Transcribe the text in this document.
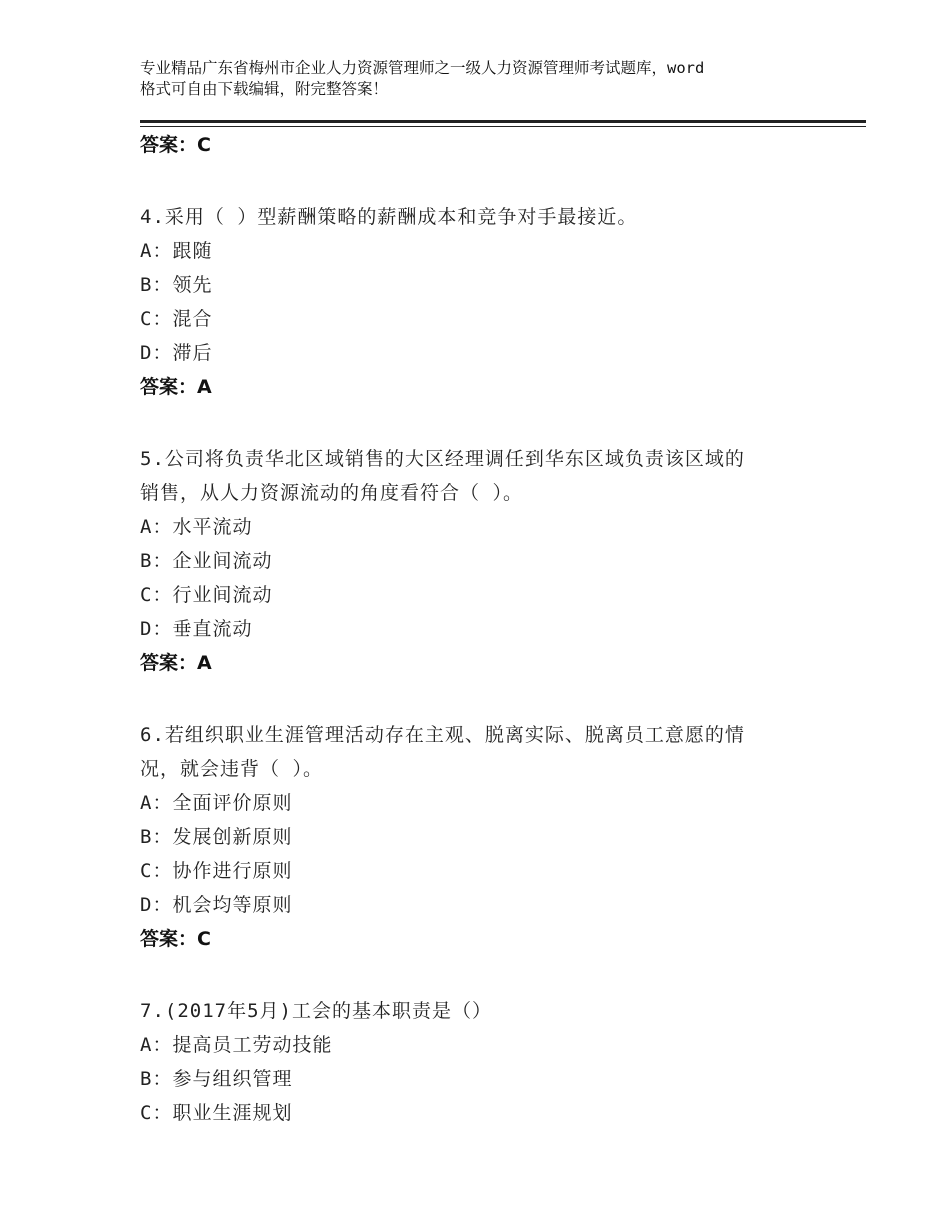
专业精品广东省梅州市企业人力资源管理师之一级人力资源管理师考试题库，word
格式可自由下载编辑，附完整答案！
答案：C
4.采用（ ）型薪酬策略的薪酬成本和竞争对手最接近。
A：跟随
B：领先
C：混合
D：滞后
答案：A
5.公司将负责华北区域销售的大区经理调任到华东区域负责该区域的
销售，从人力资源流动的角度看符合（ ）。
A：水平流动
B：企业间流动
C：行业间流动
D：垂直流动
答案：A
6.若组织职业生涯管理活动存在主观、脱离实际、脱离员工意愿的情
况，就会违背（ ）。
A：全面评价原则
B：发展创新原则
C：协作进行原则
D：机会均等原则
答案：C
7.(2017年5月)工会的基本职责是（）
A：提高员工劳动技能
B：参与组织管理
C：职业生涯规划
